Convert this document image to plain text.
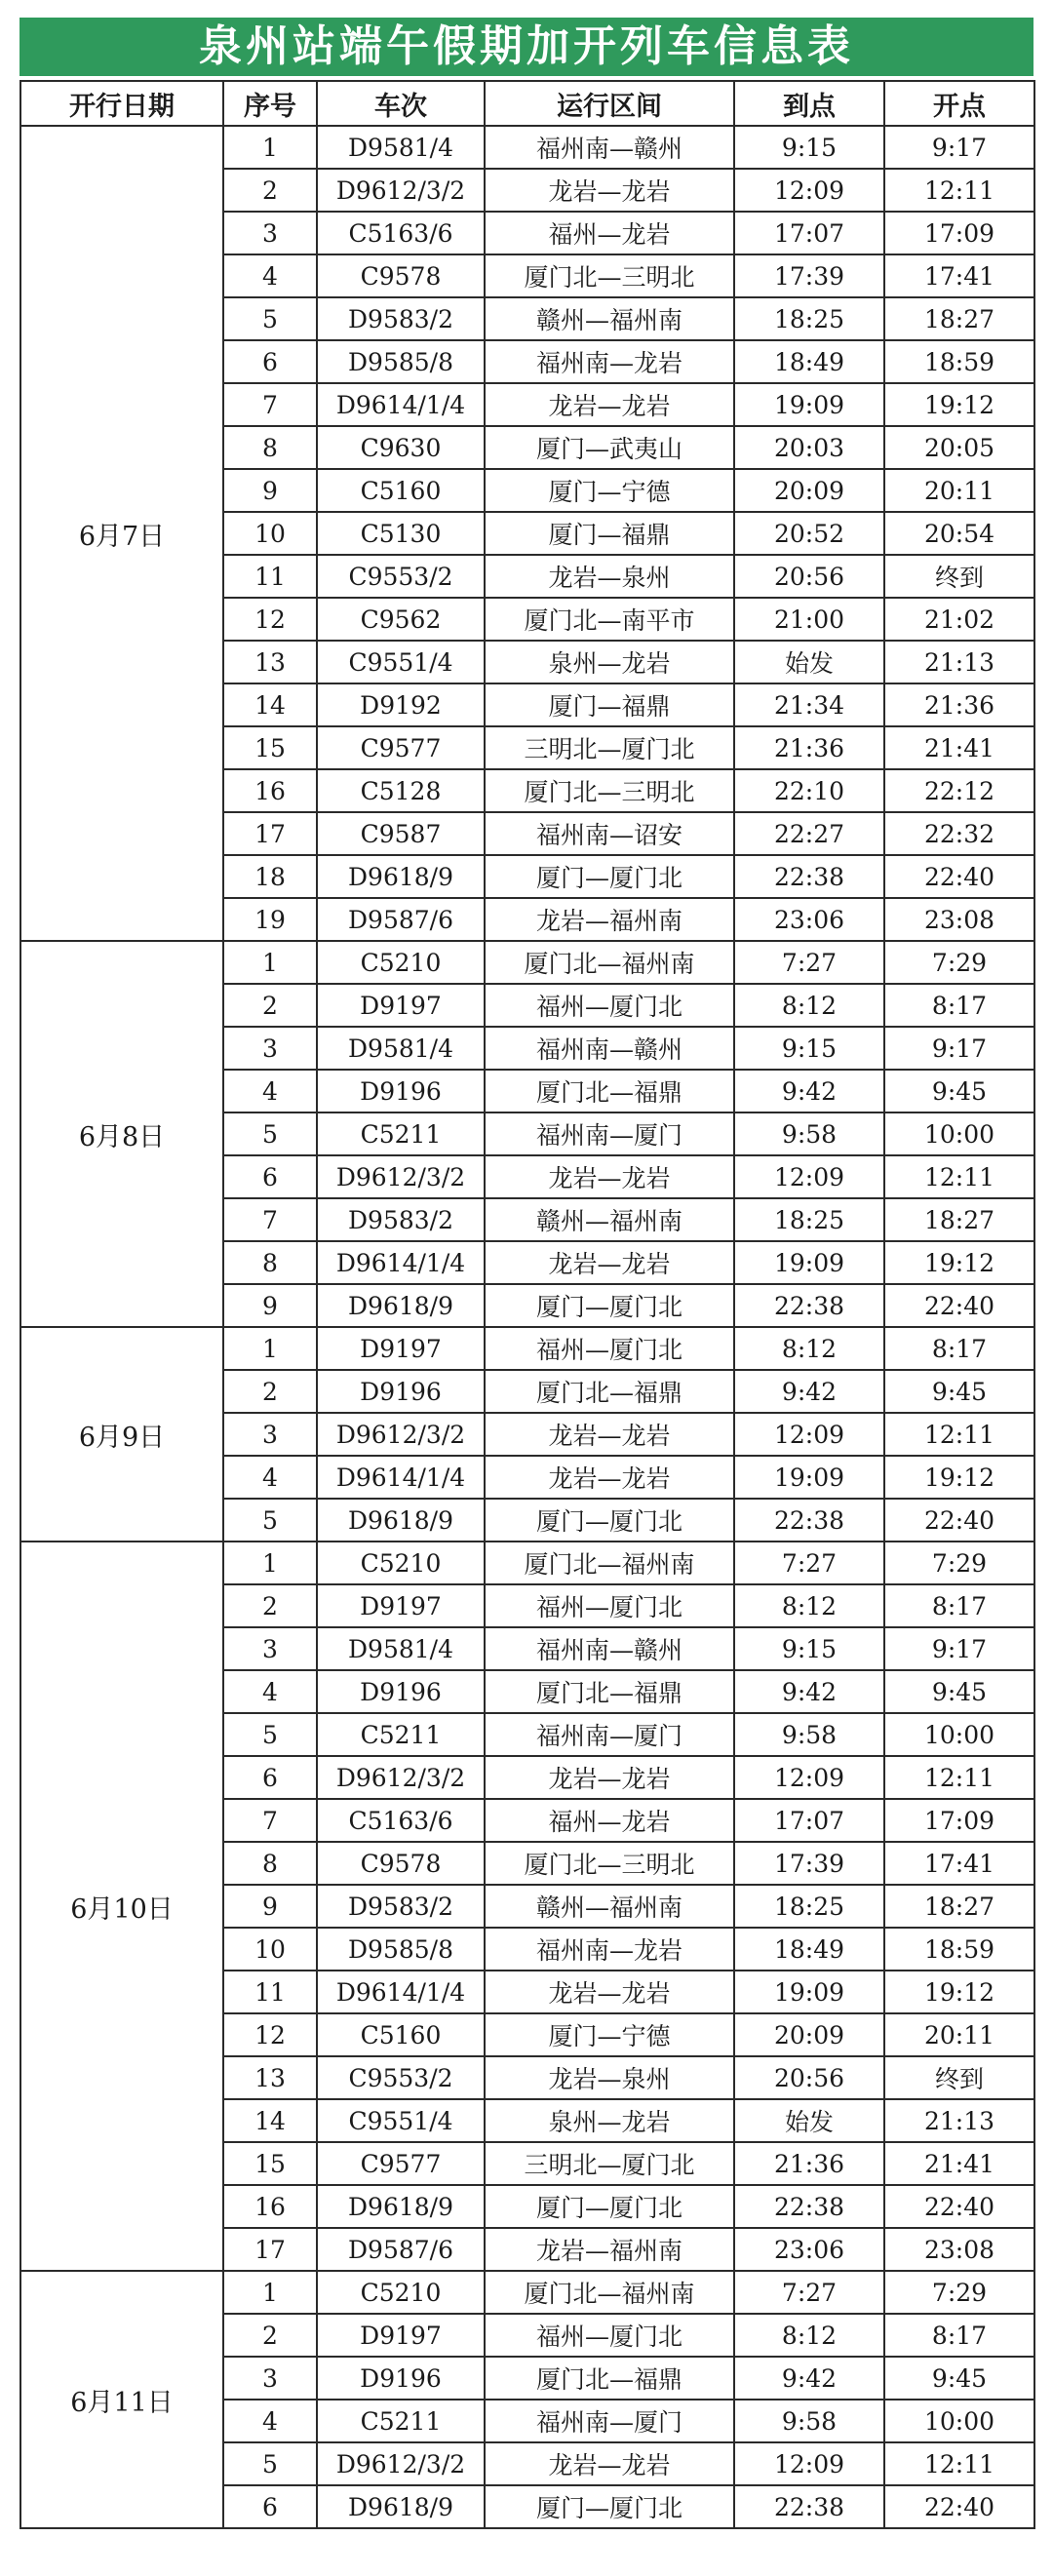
泉州站端午假期加开列车信息表
开行日期	序号	车次	运行区间	到点	开点
6月7日	1	D9581/4	福州南—赣州	9:15	9:17
	2	D9612/3/2	龙岩—龙岩	12:09	12:11
	3	C5163/6	福州—龙岩	17:07	17:09
	4	C9578	厦门北—三明北	17:39	17:41
	5	D9583/2	赣州—福州南	18:25	18:27
	6	D9585/8	福州南—龙岩	18:49	18:59
	7	D9614/1/4	龙岩—龙岩	19:09	19:12
	8	C9630	厦门—武夷山	20:03	20:05
	9	C5160	厦门—宁德	20:09	20:11
	10	C5130	厦门—福鼎	20:52	20:54
	11	C9553/2	龙岩—泉州	20:56	终到
	12	C9562	厦门北—南平市	21:00	21:02
	13	C9551/4	泉州—龙岩	始发	21:13
	14	D9192	厦门—福鼎	21:34	21:36
	15	C9577	三明北—厦门北	21:36	21:41
	16	C5128	厦门北—三明北	22:10	22:12
	17	C9587	福州南—诏安	22:27	22:32
	18	D9618/9	厦门—厦门北	22:38	22:40
	19	D9587/6	龙岩—福州南	23:06	23:08
6月8日	1	C5210	厦门北—福州南	7:27	7:29
	2	D9197	福州—厦门北	8:12	8:17
	3	D9581/4	福州南—赣州	9:15	9:17
	4	D9196	厦门北—福鼎	9:42	9:45
	5	C5211	福州南—厦门	9:58	10:00
	6	D9612/3/2	龙岩—龙岩	12:09	12:11
	7	D9583/2	赣州—福州南	18:25	18:27
	8	D9614/1/4	龙岩—龙岩	19:09	19:12
	9	D9618/9	厦门—厦门北	22:38	22:40
6月9日	1	D9197	福州—厦门北	8:12	8:17
	2	D9196	厦门北—福鼎	9:42	9:45
	3	D9612/3/2	龙岩—龙岩	12:09	12:11
	4	D9614/1/4	龙岩—龙岩	19:09	19:12
	5	D9618/9	厦门—厦门北	22:38	22:40
6月10日	1	C5210	厦门北—福州南	7:27	7:29
	2	D9197	福州—厦门北	8:12	8:17
	3	D9581/4	福州南—赣州	9:15	9:17
	4	D9196	厦门北—福鼎	9:42	9:45
	5	C5211	福州南—厦门	9:58	10:00
	6	D9612/3/2	龙岩—龙岩	12:09	12:11
	7	C5163/6	福州—龙岩	17:07	17:09
	8	C9578	厦门北—三明北	17:39	17:41
	9	D9583/2	赣州—福州南	18:25	18:27
	10	D9585/8	福州南—龙岩	18:49	18:59
	11	D9614/1/4	龙岩—龙岩	19:09	19:12
	12	C5160	厦门—宁德	20:09	20:11
	13	C9553/2	龙岩—泉州	20:56	终到
	14	C9551/4	泉州—龙岩	始发	21:13
	15	C9577	三明北—厦门北	21:36	21:41
	16	D9618/9	厦门—厦门北	22:38	22:40
	17	D9587/6	龙岩—福州南	23:06	23:08
6月11日	1	C5210	厦门北—福州南	7:27	7:29
	2	D9197	福州—厦门北	8:12	8:17
	3	D9196	厦门北—福鼎	9:42	9:45
	4	C5211	福州南—厦门	9:58	10:00
	5	D9612/3/2	龙岩—龙岩	12:09	12:11
	6	D9618/9	厦门—厦门北	22:38	22:40
